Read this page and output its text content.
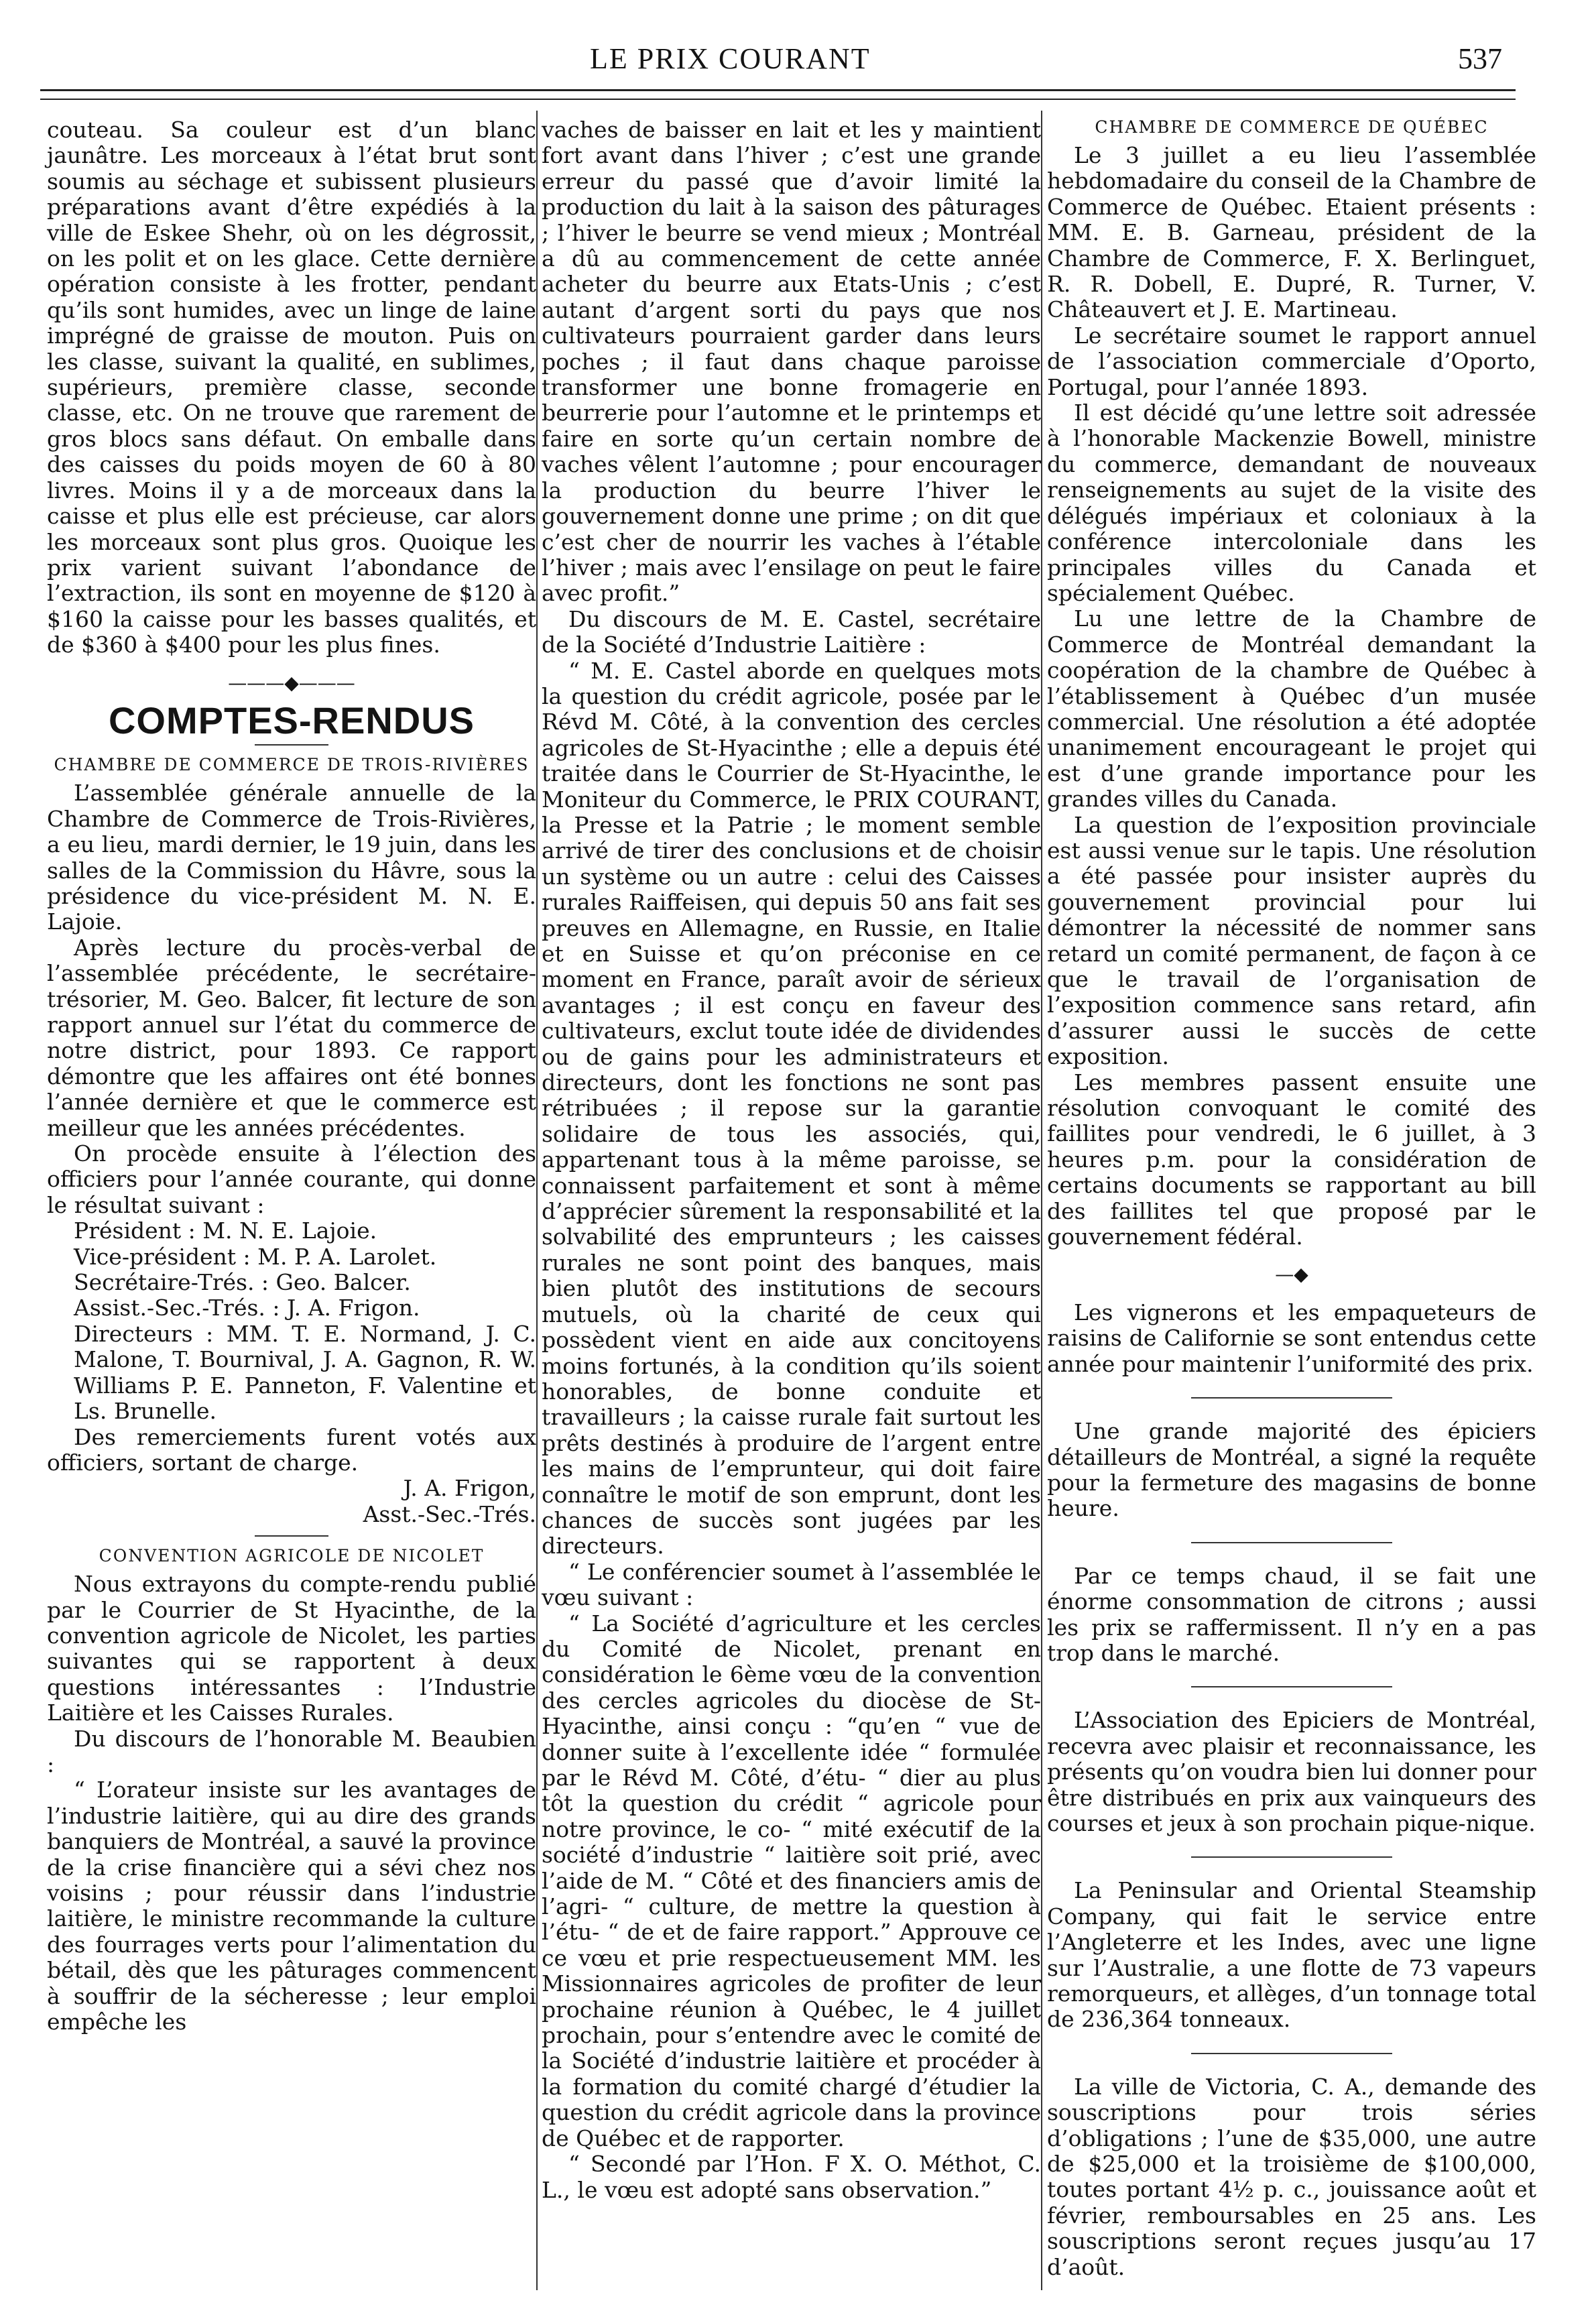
LE PRIX COURANT	537

couteau. Sa couleur est d’un blanc jaunâtre. Les morceaux à l’état brut sont soumis au séchage et subissent plusieurs préparations avant d’être expédiés à la ville de Eskee Shehr, où on les dégrossit, on les polit et on les glace. Cette dernière opération consiste à les frotter, pendant qu’ils sont humides, avec un linge de laine imprégné de graisse de mouton. Puis on les classe, suivant la qualité, en sublimes, supérieurs, première classe, seconde classe, etc. On ne trouve que rarement de gros blocs sans défaut. On emballe dans des caisses du poids moyen de 60 à 80 livres. Moins il y a de morceaux dans la caisse et plus elle est précieuse, car alors les morceaux sont plus gros. Quoique les prix varient suivant l’abondance de l’extraction, ils sont en moyenne de $120 à $160 la caisse pour les basses qualités, et de $360 à $400 pour les plus fines.

———◆———
COMPTES-RENDUS
CHAMBRE DE COMMERCE DE TROIS-RIVIÈRES

L’assemblée générale annuelle de la Chambre de Commerce de Trois-Rivières, a eu lieu, mardi dernier, le 19 juin, dans les salles de la Commission du Hâvre, sous la présidence du vice-président M. N. E. Lajoie.

Après lecture du procès-verbal de l’assemblée précédente, le secrétaire-trésorier, M. Geo. Balcer, fit lecture de son rapport annuel sur l’état du commerce de notre district, pour 1893. Ce rapport démontre que les affaires ont été bonnes l’année dernière et que le commerce est meilleur que les années précédentes.

On procède ensuite à l’élection des officiers pour l’année courante, qui donne le résultat suivant :

Président : M. N. E. Lajoie.

Vice-président : M. P. A. Larolet.

Secrétaire-Trés. : Geo. Balcer.

Assist.-Sec.-Trés. : J. A. Frigon.

Directeurs : MM. T. E. Normand, J. C. Malone, T. Bournival, J. A. Gagnon, R. W. Williams P. E. Panneton, F. Valentine et Ls. Brunelle.

Des remerciements furent votés aux officiers, sortant de charge.

J. A. Frigon,

Asst.-Sec.-Trés.

CONVENTION AGRICOLE DE NICOLET

Nous extrayons du compte-rendu publié par le Courrier de St Hyacinthe, de la convention agricole de Nicolet, les parties suivantes qui se rapportent à deux questions intéressantes : l’Industrie Laitière et les Caisses Rurales.

Du discours de l’honorable M. Beaubien :

“ L’orateur insiste sur les avantages de l’industrie laitière, qui au dire des grands banquiers de Montréal, a sauvé la province de la crise financière qui a sévi chez nos voisins ; pour réussir dans l’industrie laitière, le ministre recommande la culture des fourrages verts pour l’alimentation du bétail, dès que les pâturages commencent à souffrir de la sécheresse ; leur emploi empêche les

vaches de baisser en lait et les y maintient fort avant dans l’hiver ; c’est une grande erreur du passé que d’avoir limité la production du lait à la saison des pâturages ; l’hiver le beurre se vend mieux ; Montréal a dû au commencement de cette année acheter du beurre aux Etats-Unis ; c’est autant d’argent sorti du pays que nos cultivateurs pourraient garder dans leurs poches ; il faut dans chaque paroisse transformer une bonne fromagerie en beurrerie pour l’automne et le printemps et faire en sorte qu’un certain nombre de vaches vêlent l’automne ; pour encourager la production du beurre l’hiver le gouvernement donne une prime ; on dit que c’est cher de nourrir les vaches à l’étable l’hiver ; mais avec l’ensilage on peut le faire avec profit.”

Du discours de M. E. Castel, secrétaire de la Société d’Industrie Laitière :

“ M. E. Castel aborde en quelques mots la question du crédit agricole, posée par le Révd M. Côté, à la convention des cercles agricoles de St-Hyacinthe ; elle a depuis été traitée dans le Courrier de St-Hyacinthe, le Moniteur du Commerce, le PRIX COURANT, la Presse et la Patrie ; le moment semble arrivé de tirer des conclusions et de choisir un système ou un autre : celui des Caisses rurales Raiffeisen, qui depuis 50 ans fait ses preuves en Allemagne, en Russie, en Italie et en Suisse et qu’on préconise en ce moment en France, paraît avoir de sérieux avantages ; il est conçu en faveur des cultivateurs, exclut toute idée de dividendes ou de gains pour les administrateurs et directeurs, dont les fonctions ne sont pas rétribuées ; il repose sur la garantie solidaire de tous les associés, qui, appartenant tous à la même paroisse, se connaissent parfaitement et sont à même d’apprécier sûrement la responsabilité et la solvabilité des emprunteurs ; les caisses rurales ne sont point des banques, mais bien plutôt des institutions de secours mutuels, où la charité de ceux qui possèdent vient en aide aux concitoyens moins fortunés, à la condition qu’ils soient honorables, de bonne conduite et travailleurs ; la caisse rurale fait surtout les prêts destinés à produire de l’argent entre les mains de l’emprunteur, qui doit faire connaître le motif de son emprunt, dont les chances de succès sont jugées par les directeurs.

“ Le conférencier soumet à l’assemblée le vœu suivant :

“ La Société d’agriculture et les cercles du Comité de Nicolet, prenant en considération le 6ème vœu de la convention des cercles agricoles du diocèse de St-Hyacinthe, ainsi conçu : “qu’en “ vue de donner suite à l’excellente idée “ formulée par le Révd M. Côté, d’étu- “ dier au plus tôt la question du crédit “ agricole pour notre province, le co- “ mité exécutif de la société d’industrie “ laitière soit prié, avec l’aide de M. “ Côté et des financiers amis de l’agri- “ culture, de mettre la question à l’étu- “ de et de faire rapport.” Approuve ce ce vœu et prie respectueusement MM. les Missionnaires agricoles de profiter de leur prochaine réunion à Québec, le 4 juillet prochain, pour s’entendre avec le comité de la Société d’industrie laitière et procéder à la formation du comité chargé d’étudier la question du crédit agricole dans la province de Québec et de rapporter.

“ Secondé par l’Hon. F X. O. Méthot, C. L., le vœu est adopté sans observation.”

CHAMBRE DE COMMERCE DE QUÉBEC

Le 3 juillet a eu lieu l’assemblée hebdomadaire du conseil de la Chambre de Commerce de Québec. Etaient présents : MM. E. B. Garneau, président de la Chambre de Commerce, F. X. Berlinguet, R. R. Dobell, E. Dupré, R. Turner, V. Châteauvert et J. E. Martineau.

Le secrétaire soumet le rapport annuel de l’association commerciale d’Oporto, Portugal, pour l’année 1893.

Il est décidé qu’une lettre soit adressée à l’honorable Mackenzie Bowell, ministre du commerce, demandant de nouveaux renseignements au sujet de la visite des délégués impériaux et coloniaux à la conférence intercoloniale dans les principales villes du Canada et spécialement Québec.

Lu une lettre de la Chambre de Commerce de Montréal demandant la coopération de la chambre de Québec à l’établissement à Québec d’un musée commercial. Une résolution a été adoptée unanimement encourageant le projet qui est d’une grande importance pour les grandes villes du Canada.

La question de l’exposition provinciale est aussi venue sur le tapis. Une résolution a été passée pour insister auprès du gouvernement provincial pour lui démontrer la nécessité de nommer sans retard un comité permanent, de façon à ce que le travail de l’organisation de l’exposition commence sans retard, afin d’assurer aussi le succès de cette exposition.

Les membres passent ensuite une résolution convoquant le comité des faillites pour vendredi, le 6 juillet, à 3 heures p.m. pour la considération de certains documents se rapportant au bill des faillites tel que proposé par le gouvernement fédéral.

—◆

Les vignerons et les empaqueteurs de raisins de Californie se sont entendus cette année pour maintenir l’uniformité des prix.

Une grande majorité des épiciers détailleurs de Montréal, a signé la requête pour la fermeture des magasins de bonne heure.

Par ce temps chaud, il se fait une énorme consommation de citrons ; aussi les prix se raffermissent. Il n’y en a pas trop dans le marché.

L’Association des Epiciers de Montréal, recevra avec plaisir et reconnaissance, les présents qu’on voudra bien lui donner pour être distribués en prix aux vainqueurs des courses et jeux à son prochain pique-nique.

La Peninsular and Oriental Steamship Company, qui fait le service entre l’Angleterre et les Indes, avec une ligne sur l’Australie, a une flotte de 73 vapeurs remorqueurs, et allèges, d’un tonnage total de 236,364 tonneaux.

La ville de Victoria, C. A., demande des souscriptions pour trois séries d’obligations ; l’une de $35,000, une autre de $25,000 et la troisième de $100,000, toutes portant 4½ p. c., jouissance août et février, remboursables en 25 ans. Les souscriptions seront reçues jusqu’au 17 d’août.
